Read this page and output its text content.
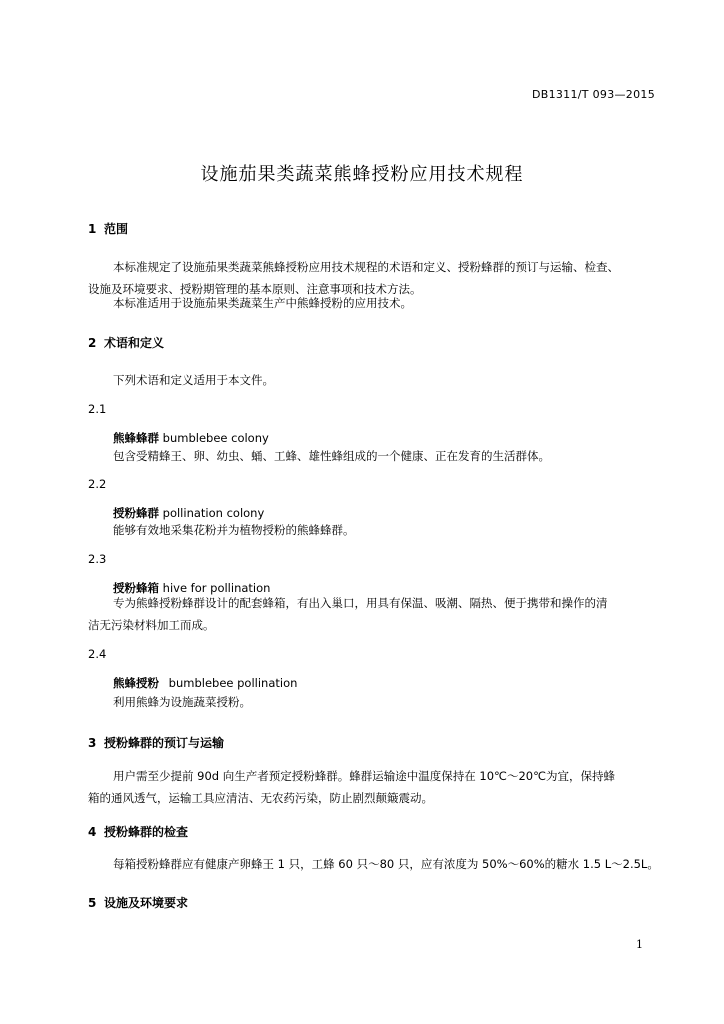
DB1311/T 093—2015
设施茄果类蔬菜熊蜂授粉应用技术规程
1 范围
本标准规定了设施茄果类蔬菜熊蜂授粉应用技术规程的术语和定义、授粉蜂群的预订与运输、检查、
设施及环境要求、授粉期管理的基本原则、注意事项和技术方法。
本标准适用于设施茄果类蔬菜生产中熊蜂授粉的应用技术。
2 术语和定义
下列术语和定义适用于本文件。
2.1
熊蜂蜂群 bumblebee colony
包含受精蜂王、卵、幼虫、蛹、工蜂、雄性蜂组成的一个健康、正在发育的生活群体。
2.2
授粉蜂群 pollination colony
能够有效地采集花粉并为植物授粉的熊蜂蜂群。
2.3
授粉蜂箱 hive for pollination
专为熊蜂授粉蜂群设计的配套蜂箱，有出入巢口，用具有保温、吸潮、隔热、便于携带和操作的清
洁无污染材料加工而成。
2.4
熊蜂授粉 bumblebee pollination
利用熊蜂为设施蔬菜授粉。
3 授粉蜂群的预订与运输
用户需至少提前 90d 向生产者预定授粉蜂群。蜂群运输途中温度保持在 10℃～20℃为宜，保持蜂
箱的通风透气，运输工具应清洁、无农药污染，防止剧烈颠簸震动。
4 授粉蜂群的检查
每箱授粉蜂群应有健康产卵蜂王 1 只，工蜂 60 只～80 只，应有浓度为 50%～60%的糖水 1.5 L～2.5L。
5 设施及环境要求
1
